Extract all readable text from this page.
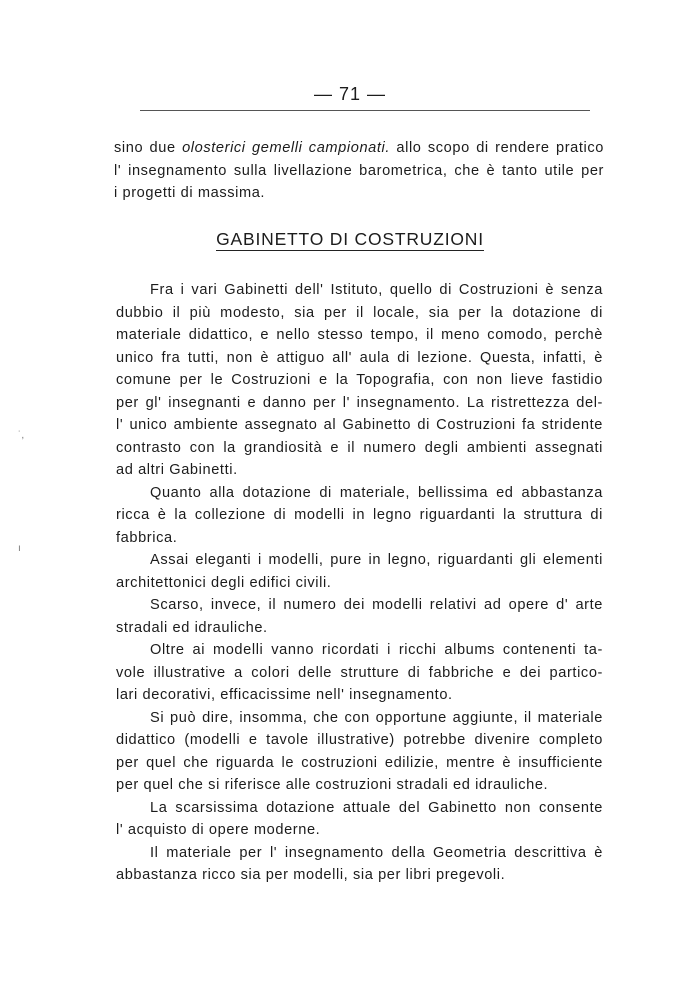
— 71 —
˙,
ı
sino due olosterici gemelli campionati. allo scopo di rendere pratico
l' insegnamento sulla livellazione barometrica, che è tanto utile per
i progetti di massima.
GABINETTO DI COSTRUZIONI
Fra i vari Gabinetti dell' Istituto, quello di Costruzioni è senza
dubbio il più modesto, sia per il locale, sia per la dotazione di
materiale didattico, e nello stesso tempo, il meno comodo, perchè
unico fra tutti, non è attiguo all' aula di lezione. Questa, infatti, è
comune per le Costruzioni e la Topografia, con non lieve fastidio
per gl' insegnanti e danno per l' insegnamento. La ristrettezza del-
l' unico ambiente assegnato al Gabinetto di Costruzioni fa stridente
contrasto con la grandiosità e il numero degli ambienti assegnati
ad altri Gabinetti.
Quanto alla dotazione di materiale, bellissima ed abbastanza
ricca è la collezione di modelli in legno riguardanti la struttura di
fabbrica.
Assai eleganti i modelli, pure in legno, riguardanti gli elementi
architettonici degli edifici civili.
Scarso, invece, il numero dei modelli relativi ad opere d' arte
stradali ed idrauliche.
Oltre ai modelli vanno ricordati i ricchi albums contenenti ta-
vole illustrative a colori delle strutture di fabbriche e dei partico-
lari decorativi, efficacissime nell' insegnamento.
Si può dire, insomma, che con opportune aggiunte, il materiale
didattico (modelli e tavole illustrative) potrebbe divenire completo
per quel che riguarda le costruzioni edilizie, mentre è insufficiente
per quel che si riferisce alle costruzioni stradali ed idrauliche.
La scarsissima dotazione attuale del Gabinetto non consente
l' acquisto di opere moderne.
Il materiale per l' insegnamento della Geometria descrittiva è
abbastanza ricco sia per modelli, sia per libri pregevoli.
